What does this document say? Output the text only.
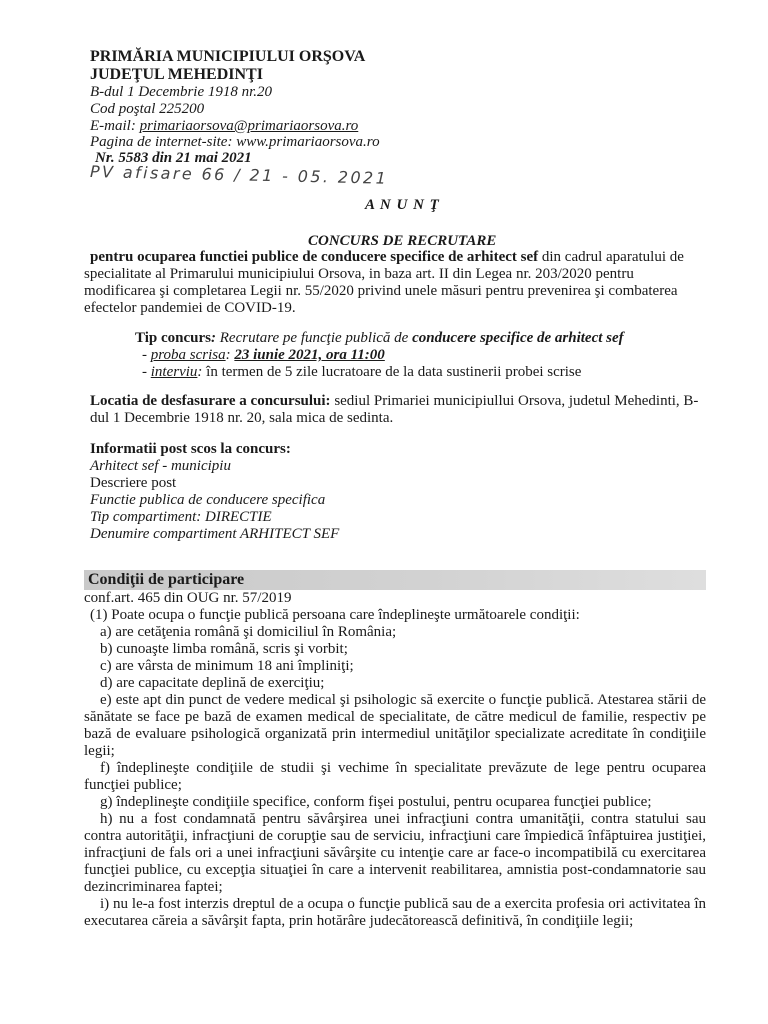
PRIMĂRIA MUNICIPIULUI ORŞOVA
JUDEŢUL MEHEDINŢI
B-dul 1 Decembrie 1918 nr.20
Cod poştal 225200
E-mail: primariaorsova@primariaorsova.ro
Pagina de internet-site: www.primariaorsova.ro
Nr. 5583 din 21 mai 2021
PV afisare 66 / 21 - 05. 2021
A N U N Ţ
CONCURS DE RECRUTARE
pentru ocuparea functiei publice de conducere specifice de arhitect sef din cadrul aparatului de
specialitate al Primarului municipiului Orsova, in baza art. II din Legea nr. 203/2020 pentru
modificarea şi completarea Legii nr. 55/2020 privind unele măsuri pentru prevenirea şi combaterea
efectelor pandemiei de COVID-19.
Tip concurs: Recrutare pe funcţie publică de conducere specifice de arhitect sef
- proba scrisa: 23 iunie 2021, ora 11:00
- interviu: în termen de 5 zile lucratoare de la data sustinerii probei scrise
Locatia de desfasurare a concursului: sediul Primariei municipiullui Orsova, judetul Mehedinti, B-
dul 1 Decembrie 1918 nr. 20, sala mica de sedinta.
Informatii post scos la concurs:
Arhitect sef - municipiu
Descriere post
Functie publica de conducere specifica
Tip compartiment: DIRECTIE
Denumire compartiment ARHITECT SEF
Condiţii de participare
conf.art. 465 din OUG nr. 57/2019
(1) Poate ocupa o funcţie publică persoana care îndeplineşte următoarele condiţii:
a) are cetăţenia română şi domiciliul în România;
b) cunoaşte limba română, scris şi vorbit;
c) are vârsta de minimum 18 ani împliniţi;
d) are capacitate deplină de exerciţiu;
e) este apt din punct de vedere medical şi psihologic să exercite o funcţie publică. Atestarea stării de sănătate se face pe bază de examen medical de specialitate, de către medicul de familie, respectiv pe bază de evaluare psihologică organizată prin intermediul unităţilor specializate acreditate în condiţiile legii;
f) îndeplineşte condiţiile de studii şi vechime în specialitate prevăzute de lege pentru ocuparea funcţiei publice;
g) îndeplineşte condiţiile specifice, conform fişei postului, pentru ocuparea funcţiei publice;
h) nu a fost condamnată pentru săvârşirea unei infracţiuni contra umanităţii, contra statului sau contra autorităţii, infracţiuni de corupţie sau de serviciu, infracţiuni care împiedică înfăptuirea justiţiei, infracţiuni de fals ori a unei infracţiuni săvârşite cu intenţie care ar face-o incompatibilă cu exercitarea funcţiei publice, cu excepţia situaţiei în care a intervenit reabilitarea, amnistia post-condamnatorie sau dezincriminarea faptei;
i) nu le-a fost interzis dreptul de a ocupa o funcţie publică sau de a exercita profesia ori activitatea în executarea căreia a săvârşit fapta, prin hotărâre judecătorească definitivă, în condiţiile legii;
